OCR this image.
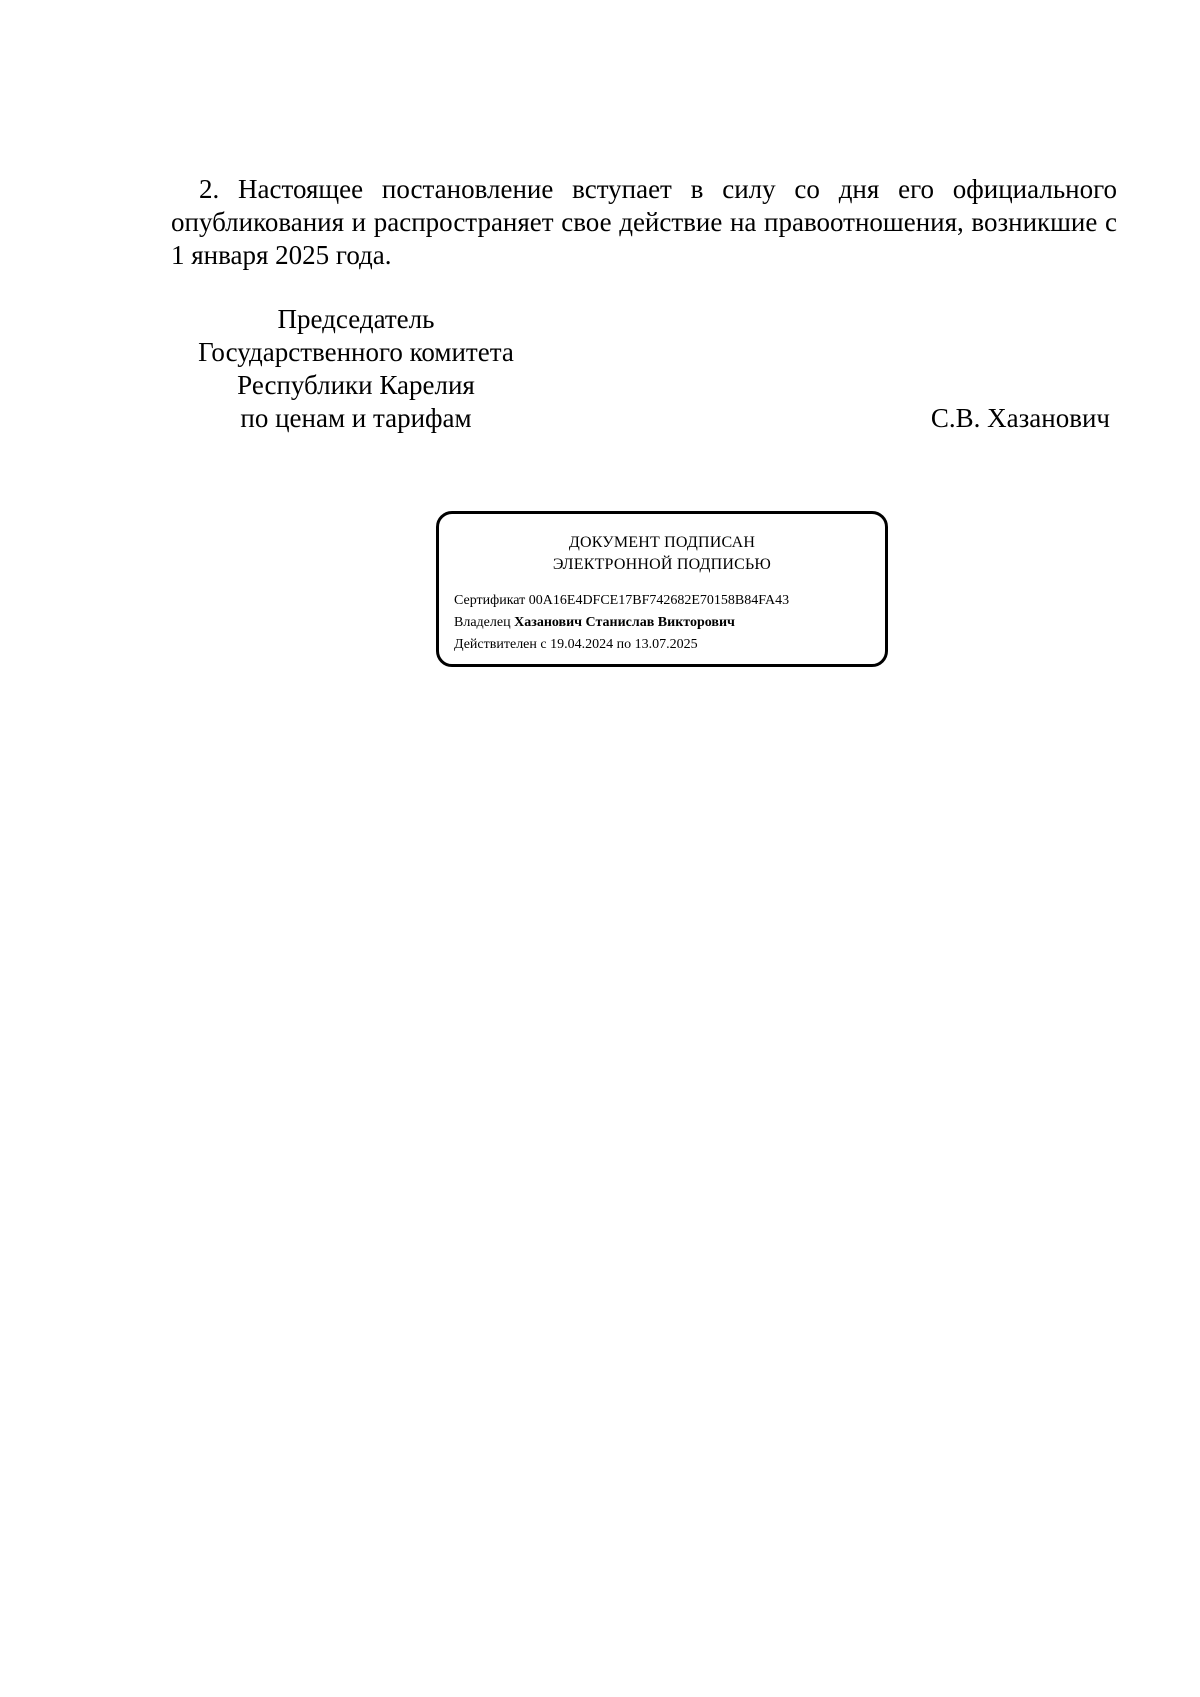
2. Настоящее постановление вступает в силу со дня его официального опубликования и распространяет свое действие на правоотношения, возникшие с 1 января 2025 года.

Председатель
Государственного комитета
Республики Карелия
по ценам и тарифам	С.В. Хазанович
ДОКУМЕНТ ПОДПИСАН
ЭЛЕКТРОННОЙ ПОДПИСЬЮ
Сертификат 00A16E4DFCE17BF742682E70158B84FA43
Владелец Хазанович Станислав Викторович
Действителен с 19.04.2024 по 13.07.2025
